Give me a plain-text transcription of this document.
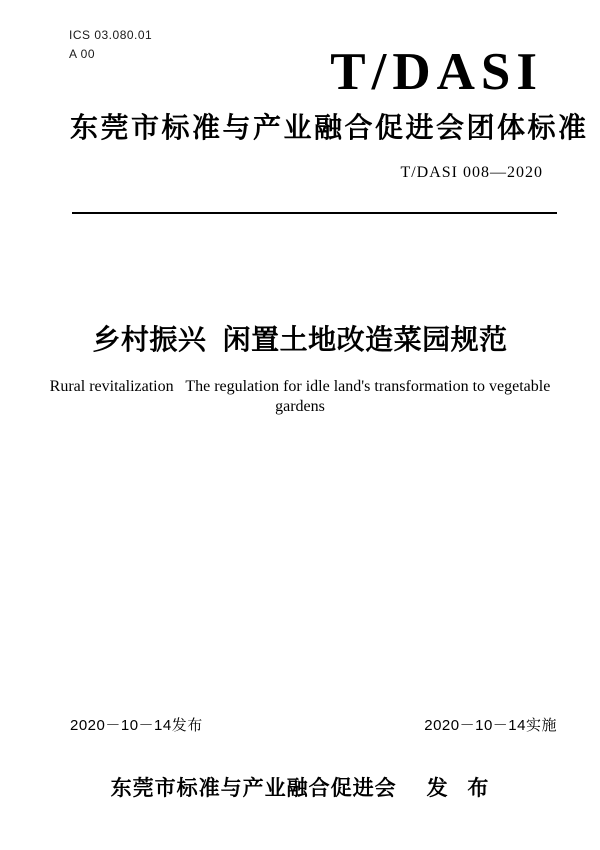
ICS 03.080.01
A 00	T/DASI
东莞市标准与产业融合促进会团体标准
T/DASI 008—2020
乡村振兴 闲置土地改造菜园规范
Rural revitalization   The regulation for idle land's transformation to vegetable
gardens
2020－10－14发布	2020－10－14实施
东莞市标准与产业融合促进会 发 布
